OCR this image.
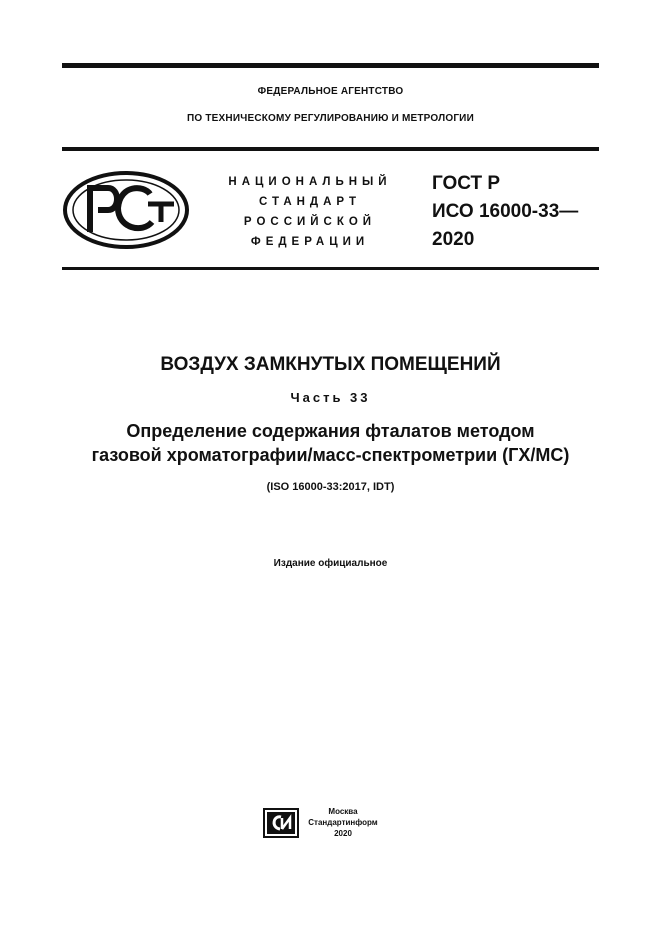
ФЕДЕРАЛЬНОЕ АГЕНТСТВО
ПО ТЕХНИЧЕСКОМУ РЕГУЛИРОВАНИЮ И МЕТРОЛОГИИ
НАЦИОНАЛЬНЫЙ
СТАНДАРТ
РОССИЙСКОЙ
ФЕДЕРАЦИИ
ГОСТ Р
ИСО 16000-33—
2020
ВОЗДУХ ЗАМКНУТЫХ ПОМЕЩЕНИЙ
Часть 33
Определение содержания фталатов методом
газовой хроматографии/масс-спектрометрии (ГХ/МС)
(ISO 16000-33:2017, IDT)
Издание официальное
Москва
Стандартинформ
2020
